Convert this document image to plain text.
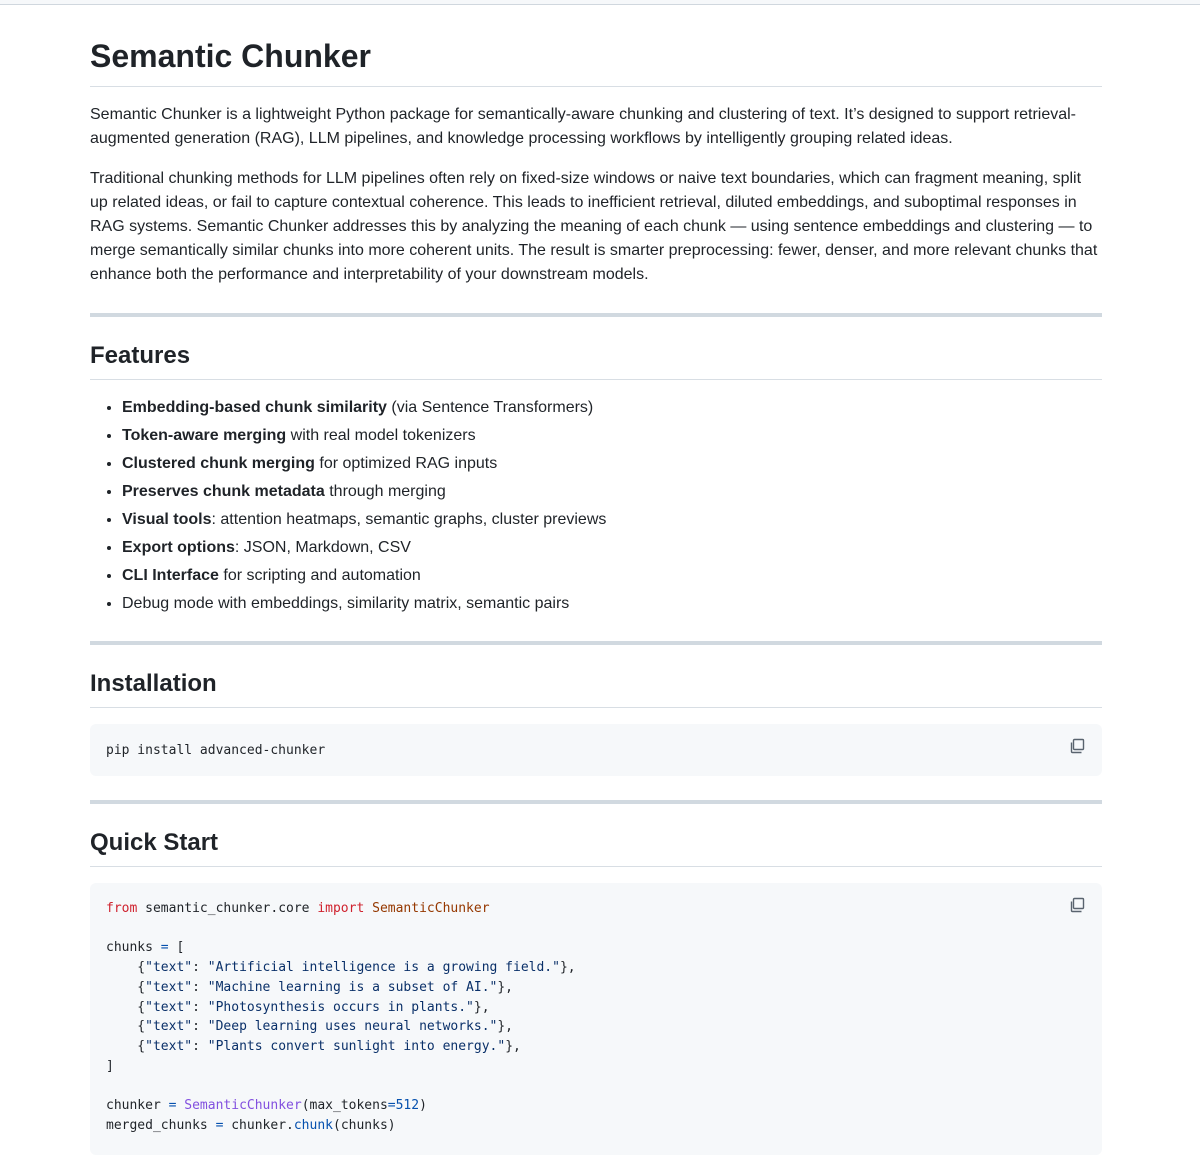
Semantic Chunker

Semantic Chunker is a lightweight Python package for semantically-aware chunking and clustering of text. It’s designed to support retrieval-augmented generation (RAG), LLM pipelines, and knowledge processing workflows by intelligently grouping related ideas.

Traditional chunking methods for LLM pipelines often rely on fixed-size windows or naive text boundaries, which can fragment meaning, split up related ideas, or fail to capture contextual coherence. This leads to inefficient retrieval, diluted embeddings, and suboptimal responses in RAG systems. Semantic Chunker addresses this by analyzing the meaning of each chunk — using sentence embeddings and clustering — to merge semantically similar chunks into more coherent units. The result is smarter preprocessing: fewer, denser, and more relevant chunks that enhance both the performance and interpretability of your downstream models.

Features
• Embedding-based chunk similarity (via Sentence Transformers)
• Token-aware merging with real model tokenizers
• Clustered chunk merging for optimized RAG inputs
• Preserves chunk metadata through merging
• Visual tools: attention heatmaps, semantic graphs, cluster previews
• Export options: JSON, Markdown, CSV
• CLI Interface for scripting and automation
• Debug mode with embeddings, similarity matrix, semantic pairs
Installation
pip install advanced-chunker
Quick Start
from semantic_chunker.core import SemanticChunker

chunks = [
{"text": "Artificial intelligence is a growing field."},
{"text": "Machine learning is a subset of AI."},
{"text": "Photosynthesis occurs in plants."},
{"text": "Deep learning uses neural networks."},
{"text": "Plants convert sunlight into energy."},
]

chunker = SemanticChunker(max_tokens=512)
merged_chunks = chunker.chunk(chunks)
